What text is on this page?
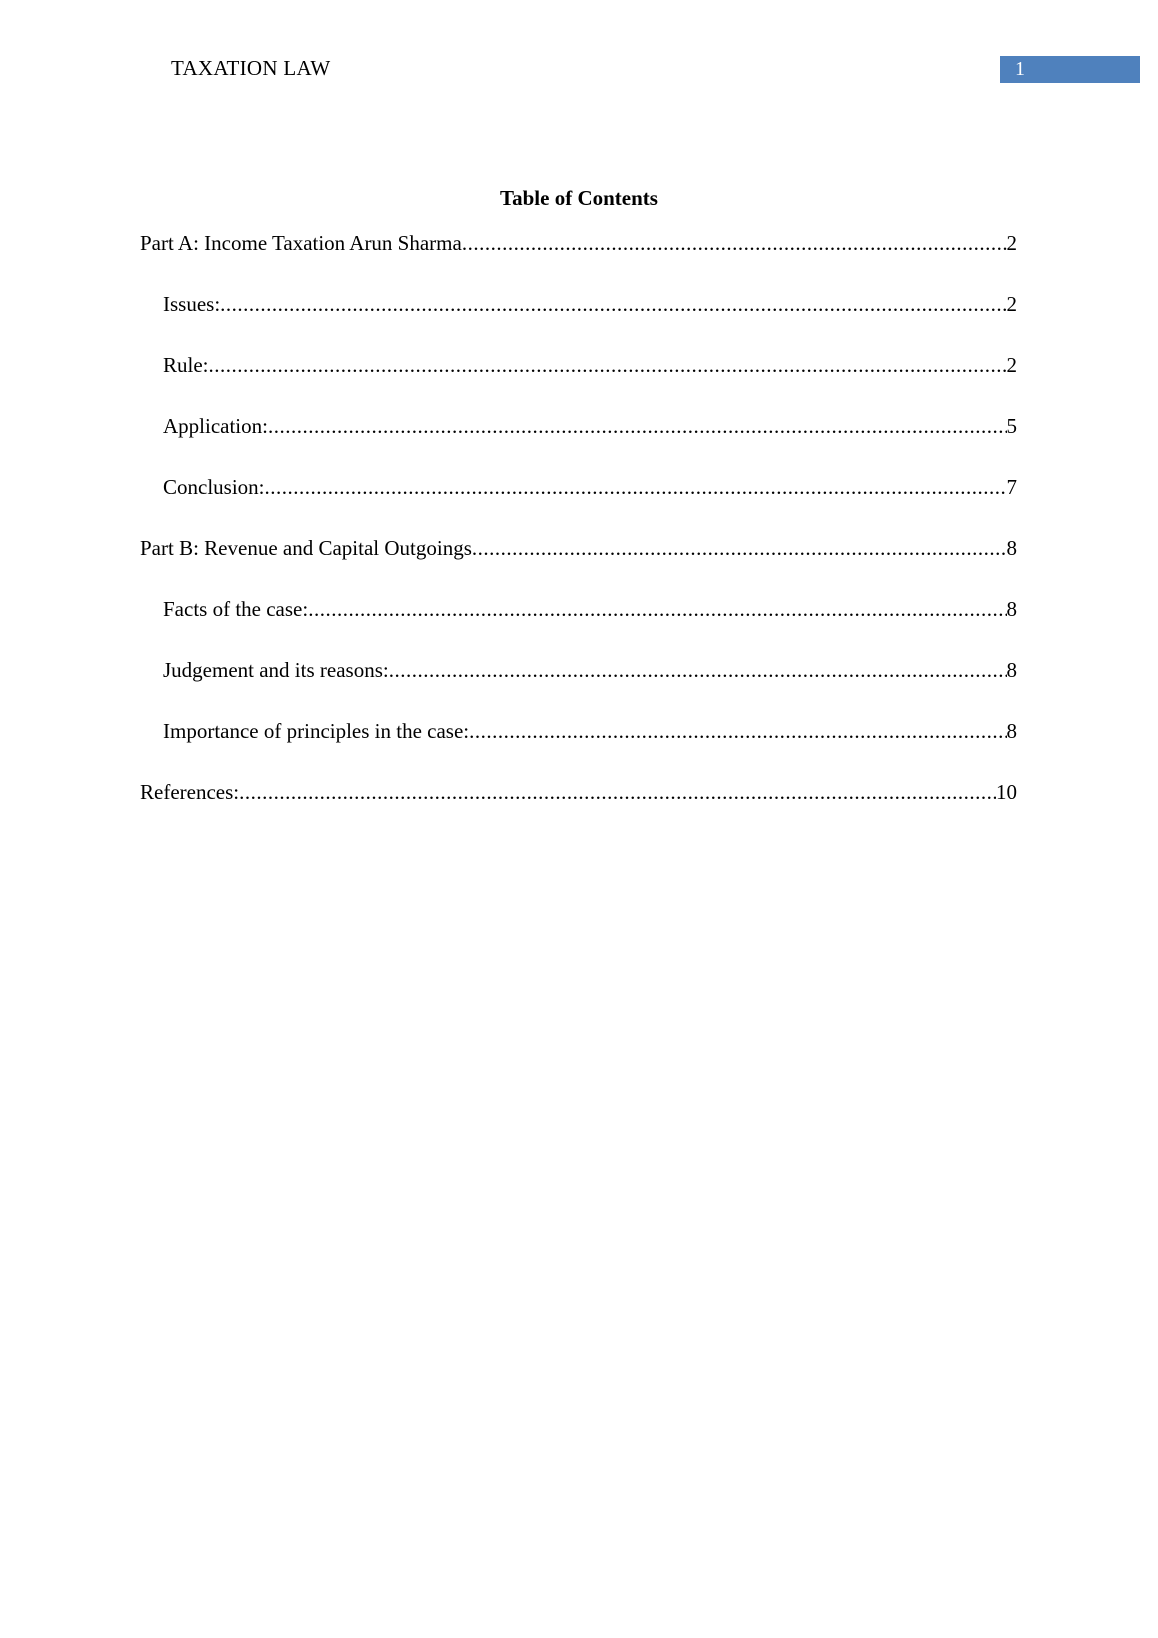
TAXATION LAW	1
Table of Contents
Part A: Income Taxation Arun Sharma .....	2
Issues: .....	2
Rule: .....	2
Application: .....	5
Conclusion: .....	7
Part B: Revenue and Capital Outgoings .....	8
Facts of the case: .....	8
Judgement and its reasons: .....	8
Importance of principles in the case: .....	8
References: .....	10
